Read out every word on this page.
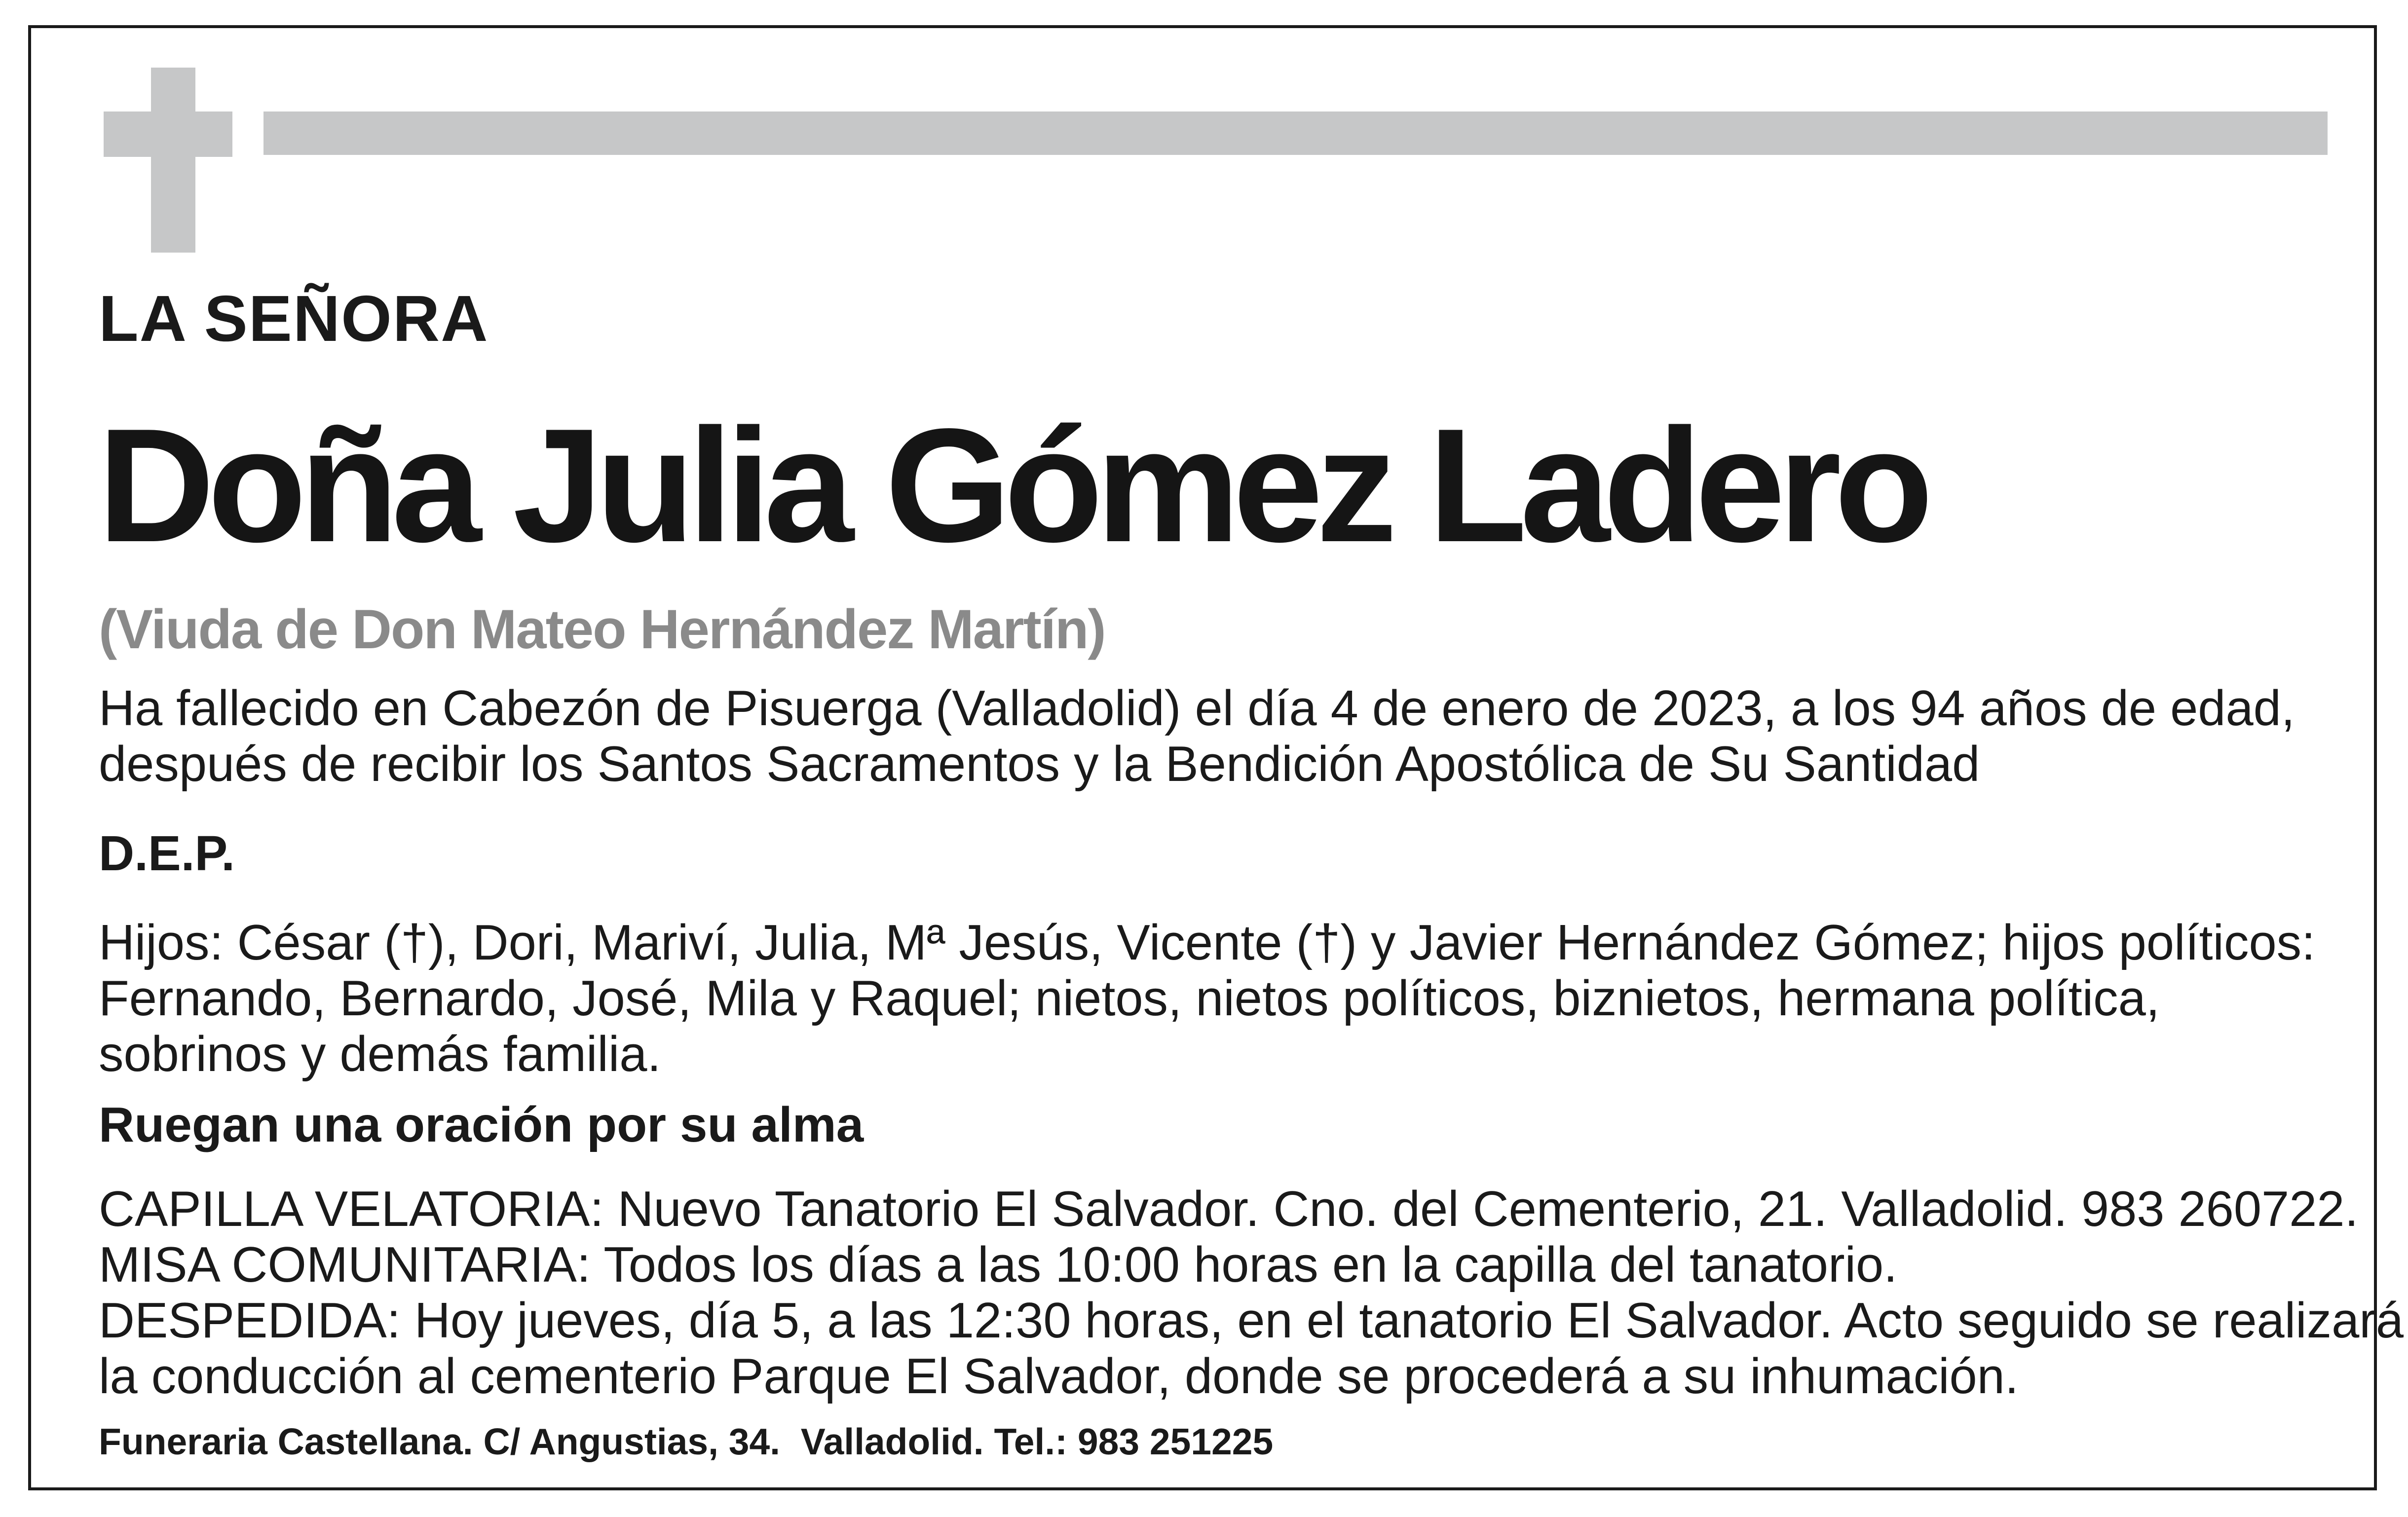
LA SEÑORA
Doña Julia Gómez Ladero
(Viuda de Don Mateo Hernández Martín)
Ha fallecido en Cabezón de Pisuerga (Valladolid) el día 4 de enero de 2023, a los 94 años de edad,
después de recibir los Santos Sacramentos y la Bendición Apostólica de Su Santidad
D.E.P.
Hijos: César (†), Dori, Mariví, Julia, Mª Jesús, Vicente (†) y Javier Hernández Gómez; hijos políticos:
Fernando, Bernardo, José, Mila y Raquel; nietos, nietos políticos, biznietos, hermana política,
sobrinos y demás familia.
Ruegan una oración por su alma
CAPILLA VELATORIA: Nuevo Tanatorio El Salvador. Cno. del Cementerio, 21. Valladolid. 983 260722.
MISA COMUNITARIA: Todos los días a las 10:00 horas en la capilla del tanatorio.
DESPEDIDA: Hoy jueves, día 5, a las 12:30 horas, en el tanatorio El Salvador. Acto seguido se realizará
la conducción al cementerio Parque El Salvador, donde se procederá a su inhumación.
Funeraria Castellana. C/ Angustias, 34.  Valladolid. Tel.: 983 251225
